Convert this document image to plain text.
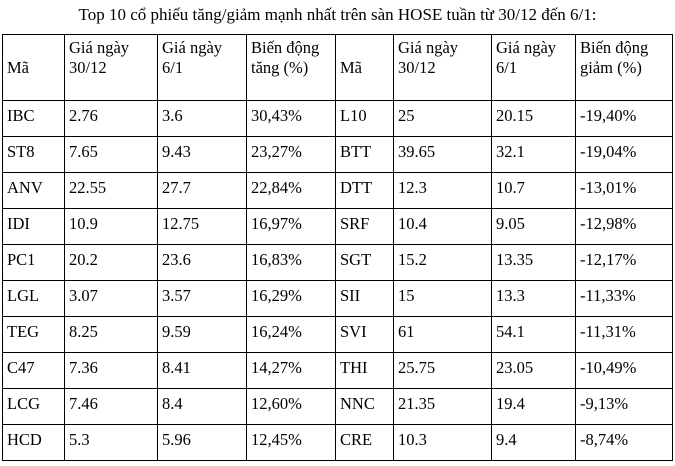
Top 10 cổ phiếu tăng/giảm mạnh nhất trên sàn HOSE tuần từ 30/12 đến 6/1:
Mã	Giá ngày 30/12	Giá ngày 6/1	Biến động tăng (%)	Mã	Giá ngày 30/12	Giá ngày 6/1	Biến động giảm (%)
IBC	2.76	3.6	30,43%	L10	25	20.15	-19,40%
ST8	7.65	9.43	23,27%	BTT	39.65	32.1	-19,04%
ANV	22.55	27.7	22,84%	DTT	12.3	10.7	-13,01%
IDI	10.9	12.75	16,97%	SRF	10.4	9.05	-12,98%
PC1	20.2	23.6	16,83%	SGT	15.2	13.35	-12,17%
LGL	3.07	3.57	16,29%	SII	15	13.3	-11,33%
TEG	8.25	9.59	16,24%	SVI	61	54.1	-11,31%
C47	7.36	8.41	14,27%	THI	25.75	23.05	-10,49%
LCG	7.46	8.4	12,60%	NNC	21.35	19.4	-9,13%
HCD	5.3	5.96	12,45%	CRE	10.3	9.4	-8,74%
